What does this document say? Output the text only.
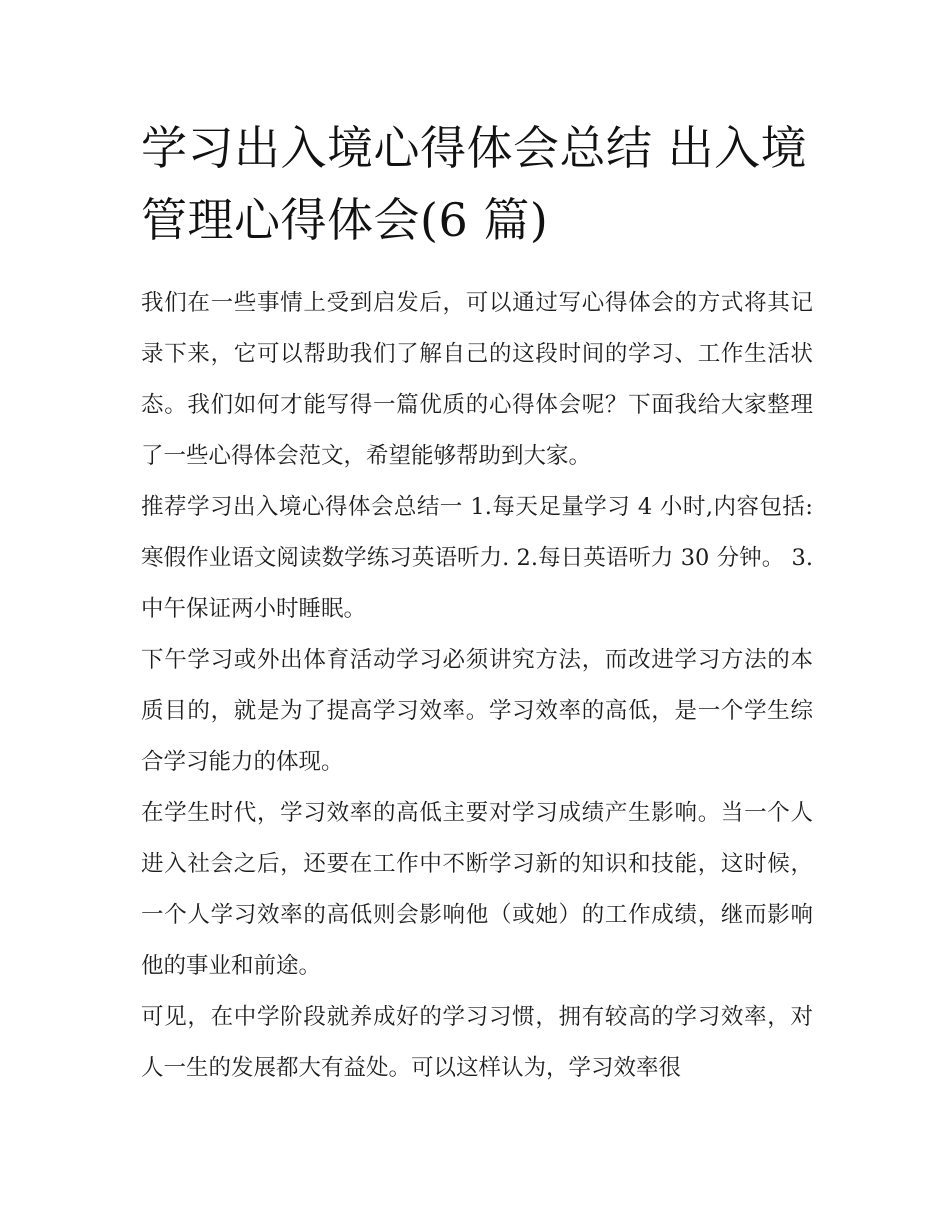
学习出入境心得体会总结 出入境管理心得体会(6 篇)

我们在一些事情上受到启发后，可以通过写心得体会的方式将其记录下来，它可以帮助我们了解自己的这段时间的学习、工作生活状态。我们如何才能写得一篇优质的心得体会呢？下面我给大家整理了一些心得体会范文，希望能够帮助到大家。

推荐学习出入境心得体会总结一 1.每天足量学习 4 小时,内容包括:寒假作业语文阅读数学练习英语听力. 2.每日英语听力 30 分钟。 3.中午保证两小时睡眠。

下午学习或外出体育活动学习必须讲究方法，而改进学习方法的本质目的，就是为了提高学习效率。学习效率的高低，是一个学生综合学习能力的体现。

在学生时代，学习效率的高低主要对学习成绩产生影响。当一个人进入社会之后，还要在工作中不断学习新的知识和技能，这时候，一个人学习效率的高低则会影响他（或她）的工作成绩，继而影响他的事业和前途。

可见，在中学阶段就养成好的学习习惯，拥有较高的学习效率，对人一生的发展都大有益处。可以这样认为，学习效率很
